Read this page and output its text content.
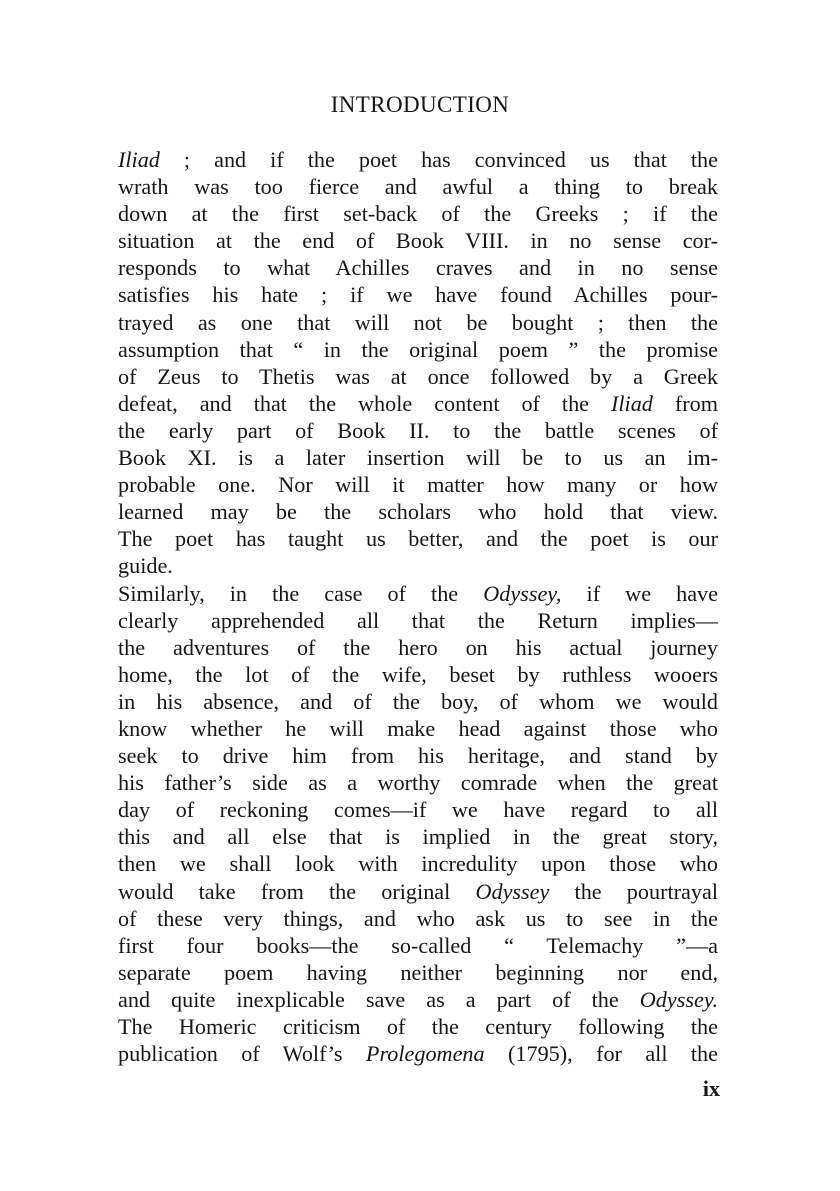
INTRODUCTION
Iliad ; and if the poet has convinced us that the
wrath was too fierce and awful a thing to break
down at the first set-back of the Greeks ; if the
situation at the end of Book VIII. in no sense cor-
responds to what Achilles craves and in no sense
satisfies his hate ; if we have found Achilles pour-
trayed as one that will not be bought ; then the
assumption that “ in the original poem ” the promise
of Zeus to Thetis was at once followed by a Greek
defeat, and that the whole content of the Iliad from
the early part of Book II. to the battle scenes of
Book XI. is a later insertion will be to us an im-
probable one. Nor will it matter how many or how
learned may be the scholars who hold that view.
The poet has taught us better, and the poet is our
guide.
Similarly, in the case of the Odyssey, if we have
clearly apprehended all that the Return implies—
the adventures of the hero on his actual journey
home, the lot of the wife, beset by ruthless wooers
in his absence, and of the boy, of whom we would
know whether he will make head against those who
seek to drive him from his heritage, and stand by
his father’s side as a worthy comrade when the great
day of reckoning comes—if we have regard to all
this and all else that is implied in the great story,
then we shall look with incredulity upon those who
would take from the original Odyssey the pourtrayal
of these very things, and who ask us to see in the
first four books—the so-called “ Telemachy ”—a
separate poem having neither beginning nor end,
and quite inexplicable save as a part of the Odyssey.
The Homeric criticism of the century following the
publication of Wolf’s Prolegomena (1795), for all the
ix
